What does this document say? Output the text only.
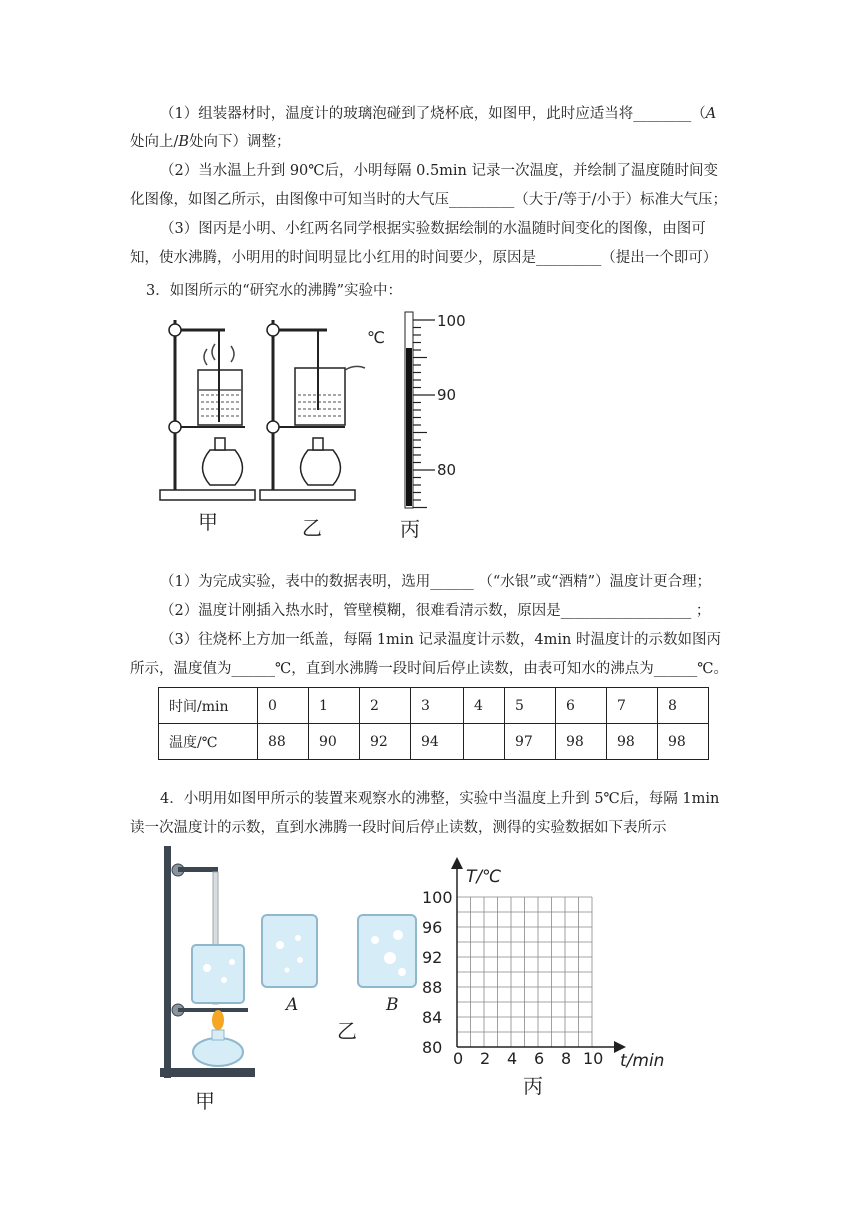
（1）组装器材时，温度计的玻璃泡碰到了烧杯底，如图甲，此时应适当将________（A
处向上/B处向下）调整；
（2）当水温上升到 90℃后，小明每隔 0.5min 记录一次温度，并绘制了温度随时间变
化图像，如图乙所示，由图像中可知当时的大气压_________（大于/等于/小于）标准大气压；
（3）图丙是小明、小红两名同学根据实验数据绘制的水温随时间变化的图像，由图可
知，使水沸腾，小明用的时间明显比小红用的时间要少，原因是_________（提出一个即可）
3．如图所示的“研究水的沸腾”实验中：
℃
100
90
80
甲	乙	丙
（1）为完成实验，表中的数据表明，选用______ （“水银”或“酒精”）温度计更合理；
（2）温度计刚插入热水时，管壁模糊，很难看清示数，原因是__________________ ；
（3）往烧杯上方加一纸盖，每隔 1min 记录温度计示数，4min 时温度计的示数如图丙
所示，温度值为______℃，直到水沸腾一段时间后停止读数，由表可知水的沸点为______℃。
时间/min	0	1	2	3	4	5	6	7	8
温度/℃	88	90	92	94		97	98	98	98
4．小明用如图甲所示的装置来观察水的沸整，实验中当温度上升到 5℃后，每隔 1min
读一次温度计的示数，直到水沸腾一段时间后停止读数，测得的实验数据如下表所示
A	B
乙
甲
T/℃
t/min
100
96
92
88
84
80
0 2 4 6 8 10
丙
